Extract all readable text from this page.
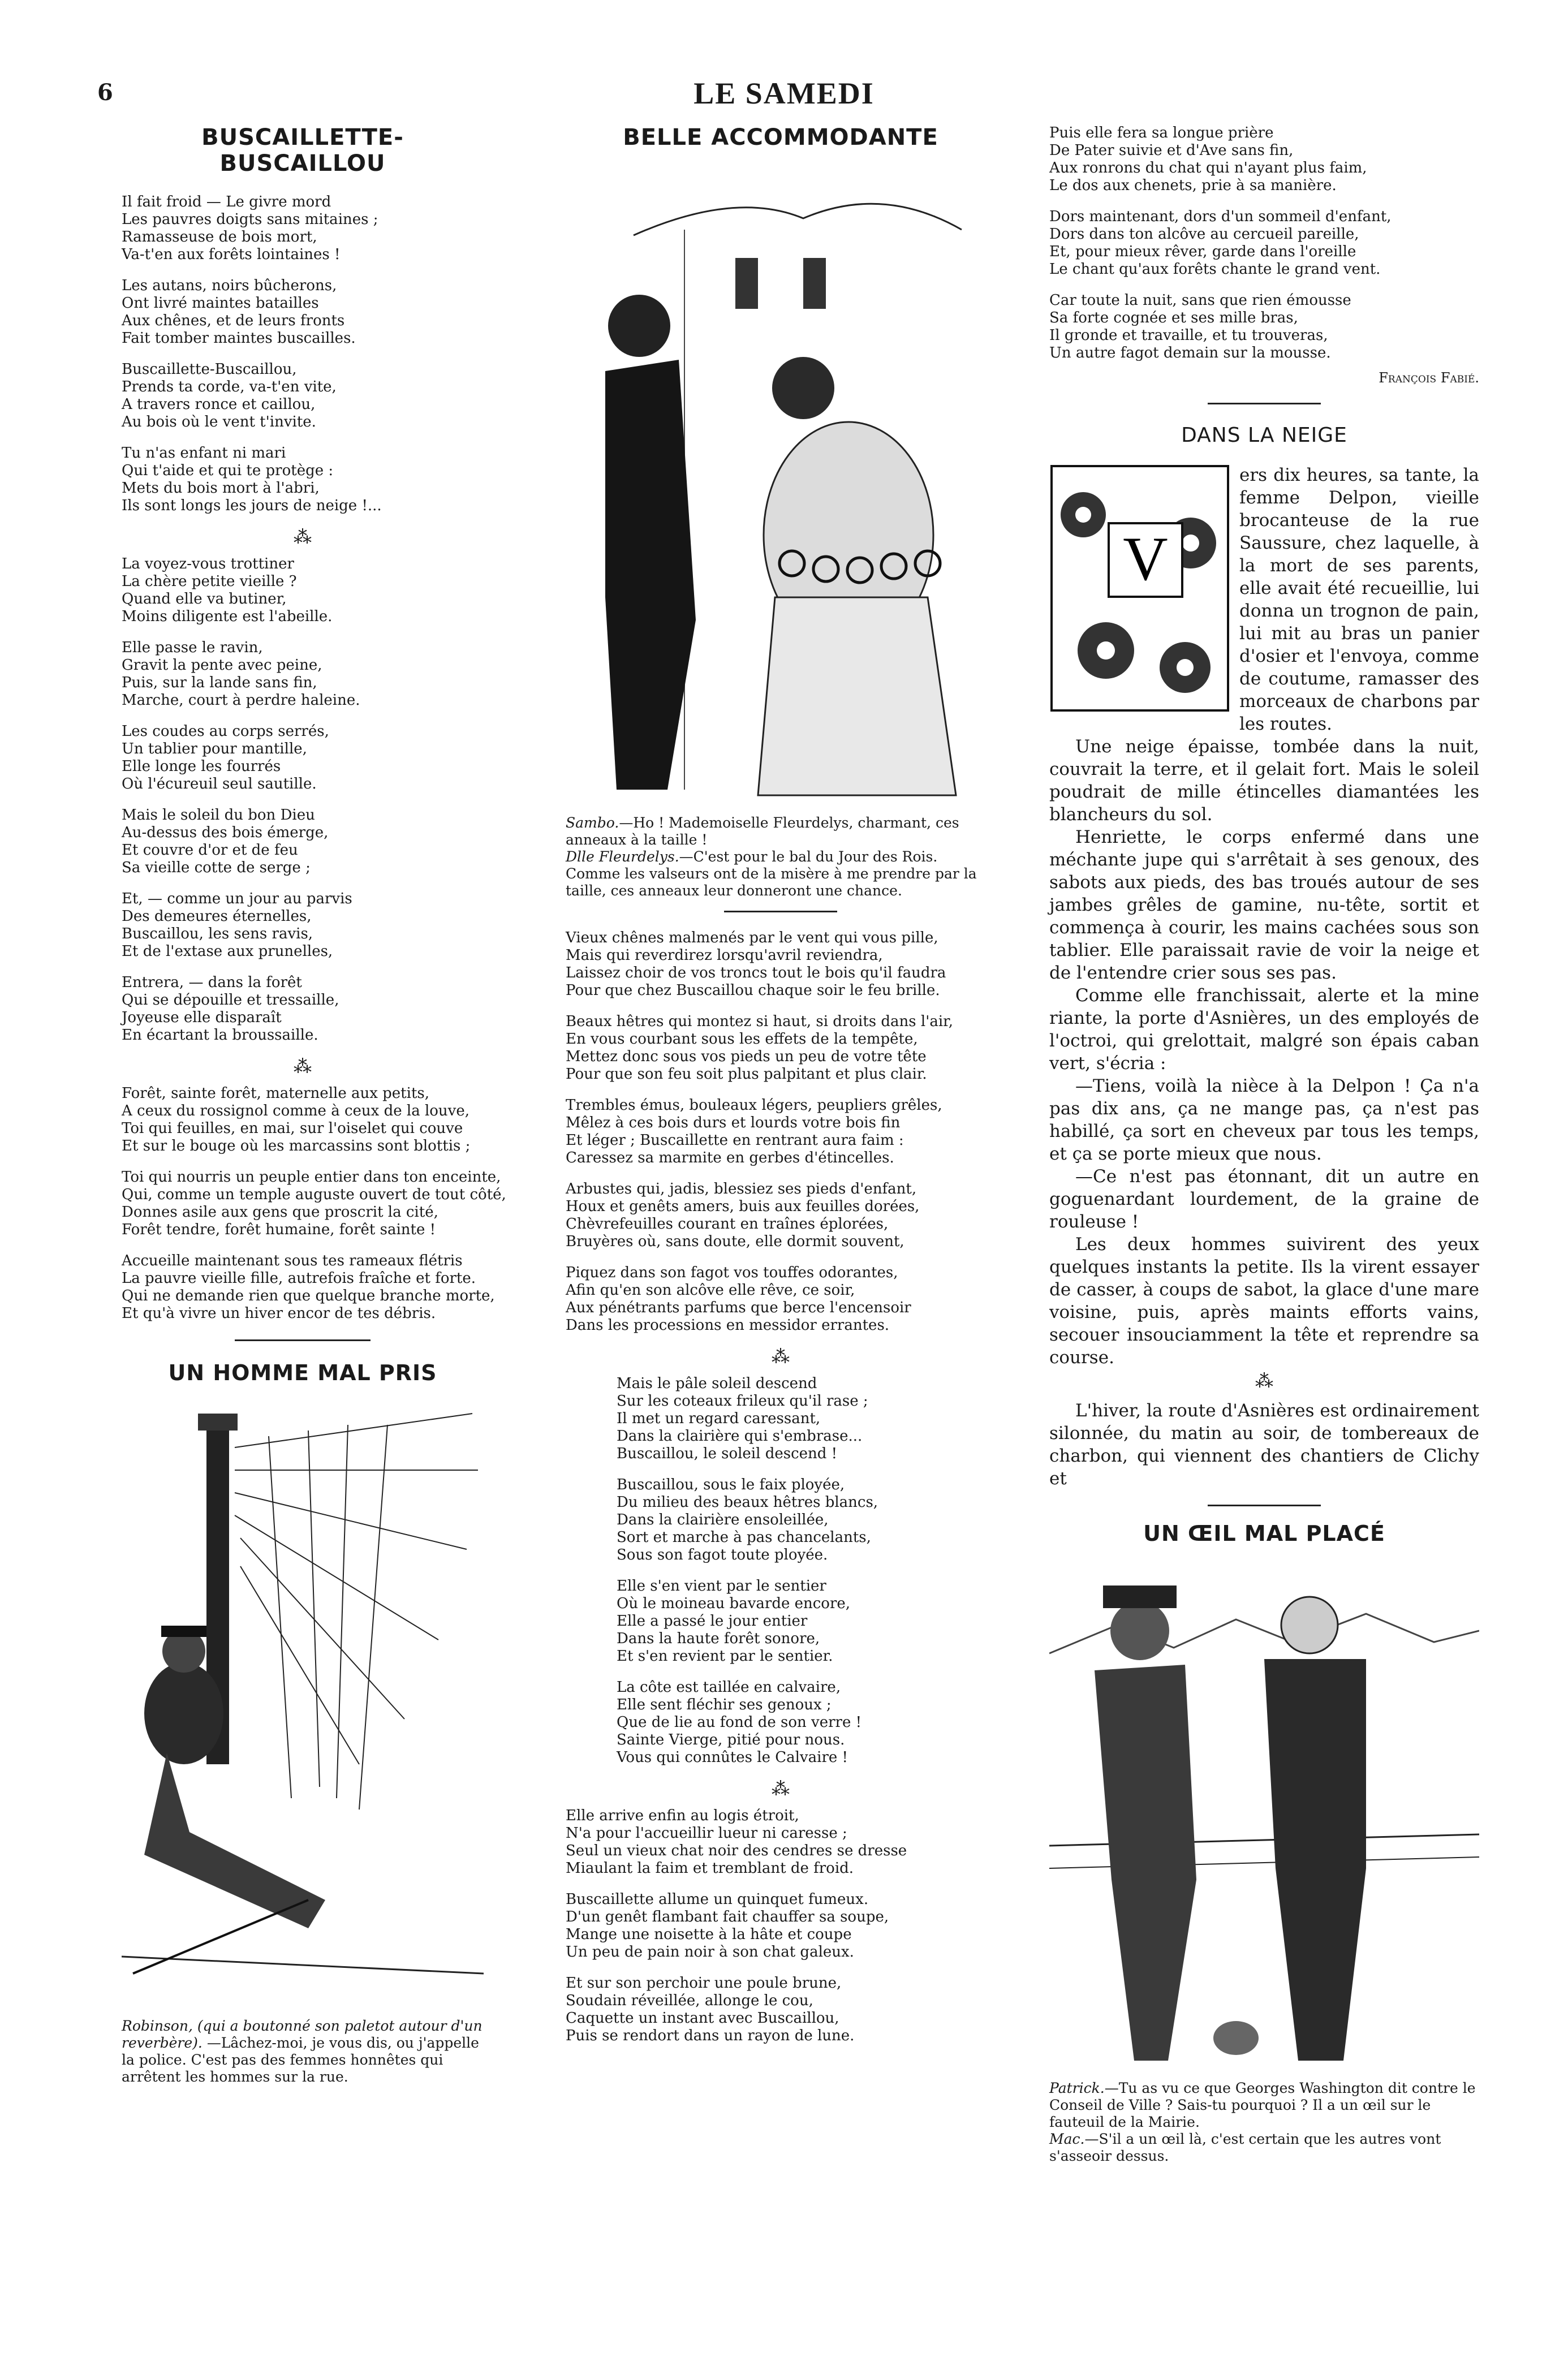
6	LE SAMEDI
BUSCAILLETTE-BUSCAILLOU
Il fait froid — Le givre mord
Les pauvres doigts sans mitaines ;
Ramasseuse de bois mort,
Va-t'en aux forêts lointaines !
Les autans, noirs bûcherons,
Ont livré maintes batailles
Aux chênes, et de leurs fronts
Fait tomber maintes buscailles.
Buscaillette-Buscaillou,
Prends ta corde, va-t'en vite,
A travers ronce et caillou,
Au bois où le vent t'invite.
Tu n'as enfant ni mari
Qui t'aide et qui te protège :
Mets du bois mort à l'abri,
Ils sont longs les jours de neige !...
⁂
La voyez-vous trottiner
La chère petite vieille ?
Quand elle va butiner,
Moins diligente est l'abeille.
Elle passe le ravin,
Gravit la pente avec peine,
Puis, sur la lande sans fin,
Marche, court à perdre haleine.
Les coudes au corps serrés,
Un tablier pour mantille,
Elle longe les fourrés
Où l'écureuil seul sautille.
Mais le soleil du bon Dieu
Au-dessus des bois émerge,
Et couvre d'or et de feu
Sa vieille cotte de serge ;
Et, — comme un jour au parvis
Des demeures éternelles,
Buscaillou, les sens ravis,
Et de l'extase aux prunelles,
Entrera, — dans la forêt
Qui se dépouille et tressaille,
Joyeuse elle disparaît
En écartant la broussaille.
⁂
Forêt, sainte forêt, maternelle aux petits,
A ceux du rossignol comme à ceux de la louve,
Toi qui feuilles, en mai, sur l'oiselet qui couve
Et sur le bouge où les marcassins sont blottis ;
Toi qui nourris un peuple entier dans ton enceinte,
Qui, comme un temple auguste ouvert de tout côté,
Donnes asile aux gens que proscrit la cité,
Forêt tendre, forêt humaine, forêt sainte !
Accueille maintenant sous tes rameaux flétris
La pauvre vieille fille, autrefois fraîche et forte.
Qui ne demande rien que quelque branche morte,
Et qu'à vivre un hiver encor de tes débris.
UN HOMME MAL PRIS
Robinson, (qui a boutonné son paletot autour d'un reverbère). —Lâchez-moi, je vous dis, ou j'appelle la police. C'est pas des femmes honnêtes qui arrêtent les hommes sur la rue.
BELLE ACCOMMODANTE
Sambo.—Ho ! Mademoiselle Fleurdelys, charmant, ces anneaux à la taille !
Dlle Fleurdelys.—C'est pour le bal du Jour des Rois. Comme les valseurs ont de la misère à me prendre par la taille, ces anneaux leur donneront une chance.
Vieux chênes malmenés par le vent qui vous pille,
Mais qui reverdirez lorsqu'avril reviendra,
Laissez choir de vos troncs tout le bois qu'il faudra
Pour que chez Buscaillou chaque soir le feu brille.
Beaux hêtres qui montez si haut, si droits dans l'air,
En vous courbant sous les effets de la tempête,
Mettez donc sous vos pieds un peu de votre tête
Pour que son feu soit plus palpitant et plus clair.
Trembles émus, bouleaux légers, peupliers grêles,
Mêlez à ces bois durs et lourds votre bois fin
Et léger ; Buscaillette en rentrant aura faim :
Caressez sa marmite en gerbes d'étincelles.
Arbustes qui, jadis, blessiez ses pieds d'enfant,
Houx et genêts amers, buis aux feuilles dorées,
Chèvrefeuilles courant en traînes éplorées,
Bruyères où, sans doute, elle dormit souvent,
Piquez dans son fagot vos touffes odorantes,
Afin qu'en son alcôve elle rêve, ce soir,
Aux pénétrants parfums que berce l'encensoir
Dans les processions en messidor errantes.
⁂
Mais le pâle soleil descend
Sur les coteaux frileux qu'il rase ;
Il met un regard caressant,
Dans la clairière qui s'embrase...
Buscaillou, le soleil descend !
Buscaillou, sous le faix ployée,
Du milieu des beaux hêtres blancs,
Dans la clairière ensoleillée,
Sort et marche à pas chancelants,
Sous son fagot toute ployée.
Elle s'en vient par le sentier
Où le moineau bavarde encore,
Elle a passé le jour entier
Dans la haute forêt sonore,
Et s'en revient par le sentier.
La côte est taillée en calvaire,
Elle sent fléchir ses genoux ;
Que de lie au fond de son verre !
Sainte Vierge, pitié pour nous.
Vous qui connûtes le Calvaire !
⁂
Elle arrive enfin au logis étroit,
N'a pour l'accueillir lueur ni caresse ;
Seul un vieux chat noir des cendres se dresse
Miaulant la faim et tremblant de froid.
Buscaillette allume un quinquet fumeux.
D'un genêt flambant fait chauffer sa soupe,
Mange une noisette à la hâte et coupe
Un peu de pain noir à son chat galeux.
Et sur son perchoir une poule brune,
Soudain réveillée, allonge le cou,
Caquette un instant avec Buscaillou,
Puis se rendort dans un rayon de lune.
Puis elle fera sa longue prière
De Pater suivie et d'Ave sans fin,
Aux ronrons du chat qui n'ayant plus faim,
Le dos aux chenets, prie à sa manière.
Dors maintenant, dors d'un sommeil d'enfant,
Dors dans ton alcôve au cercueil pareille,
Et, pour mieux rêver, garde dans l'oreille
Le chant qu'aux forêts chante le grand vent.
Car toute la nuit, sans que rien émousse
Sa forte cognée et ses mille bras,
Il gronde et travaille, et tu trouveras,
Un autre fagot demain sur la mousse.
François Fabié.
DANS LA NEIGE
V
ers dix heures, sa tante, la femme Delpon, vieille brocanteuse de la rue Saussure, chez laquelle, à la mort de ses parents, elle avait été recueillie, lui donna un trognon de pain, lui mit au bras un panier d'osier et l'envoya, comme de coutume, ramasser des morceaux de charbons par les routes.

Une neige épaisse, tombée dans la nuit, couvrait la terre, et il gelait fort. Mais le soleil poudrait de mille étincelles diamantées les blancheurs du sol.

Henriette, le corps enfermé dans une méchante jupe qui s'arrêtait à ses genoux, des sabots aux pieds, des bas troués autour de ses jambes grêles de gamine, nu-tête, sortit et commença à courir, les mains cachées sous son tablier. Elle paraissait ravie de voir la neige et de l'entendre crier sous ses pas.

Comme elle franchissait, alerte et la mine riante, la porte d'Asnières, un des employés de l'octroi, qui grelottait, malgré son épais caban vert, s'écria :

—Tiens, voilà la nièce à la Delpon ! Ça n'a pas dix ans, ça ne mange pas, ça n'est pas habillé, ça sort en cheveux par tous les temps, et ça se porte mieux que nous.

—Ce n'est pas étonnant, dit un autre en goguenardant lourdement, de la graine de rouleuse !

Les deux hommes suivirent des yeux quelques instants la petite. Ils la virent essayer de casser, à coups de sabot, la glace d'une mare voisine, puis, après maints efforts vains, secouer insouciamment la tête et reprendre sa course.

⁂

L'hiver, la route d'Asnières est ordinairement silonnée, du matin au soir, de tombereaux de charbon, qui viennent des chantiers de Clichy et

UN ŒIL MAL PLACÉ
Patrick.—Tu as vu ce que Georges Washington dit contre le Conseil de Ville ? Sais-tu pourquoi ? Il a un œil sur le fauteuil de la Mairie.
Mac.—S'il a un œil là, c'est certain que les autres vont s'asseoir dessus.
